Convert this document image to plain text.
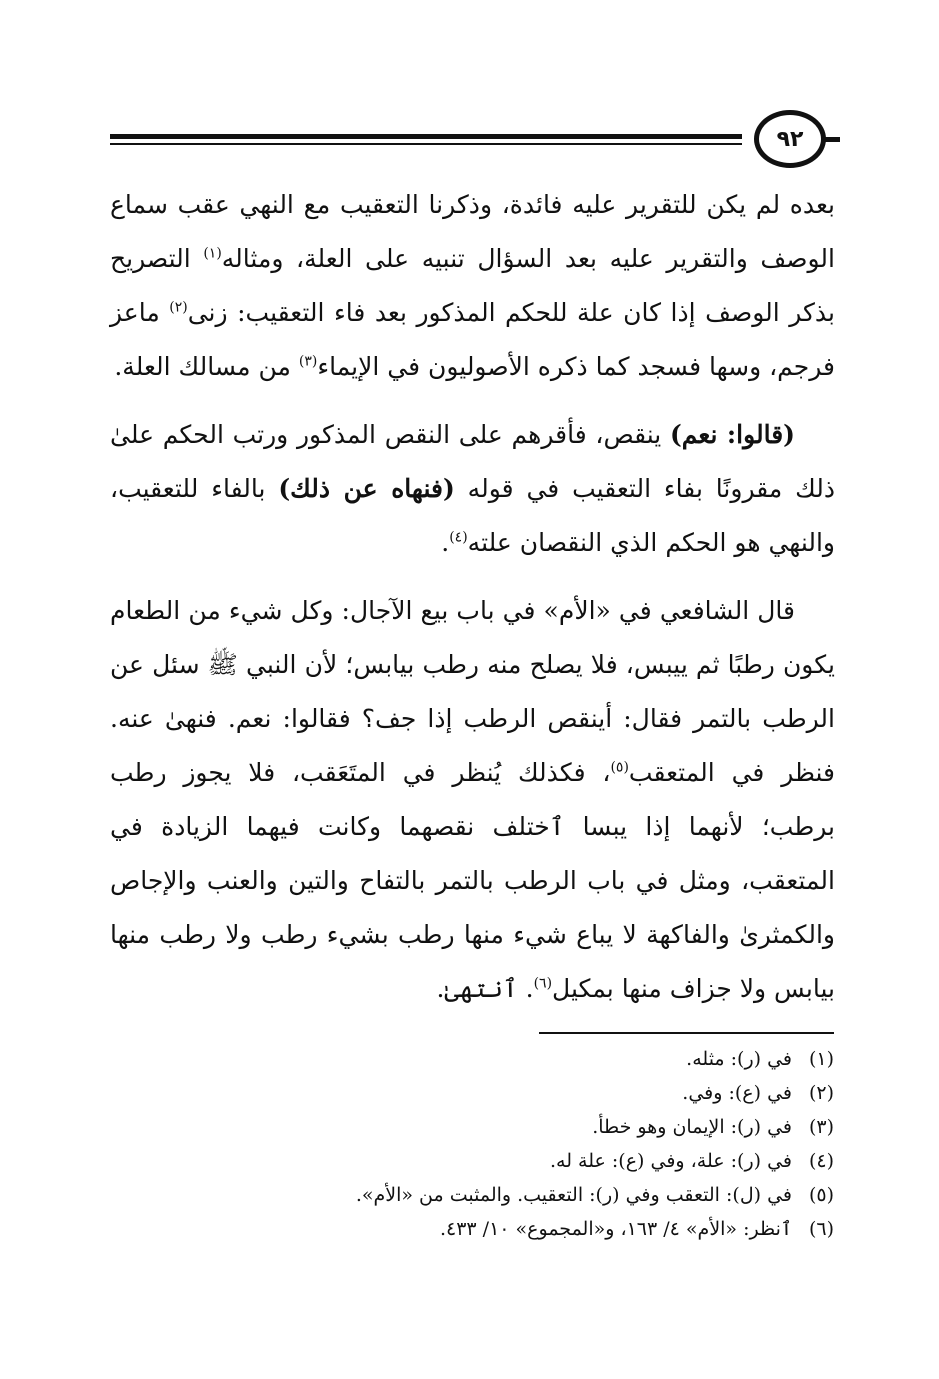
٩٢

بعده لم يكن للتقرير عليه فائدة، وذكرنا التعقيب مع النهي عقب سماع الوصف والتقرير عليه بعد السؤال تنبيه على العلة، ومثاله$^{(١)}$ التصريح بذكر الوصف إذا كان علة للحكم المذكور بعد فاء التعقيب: زنى$^{(٢)}$ ماعز فرجم، وسها فسجد كما ذكره الأصوليون في الإيماء$^{(٣)}$ من مسالك العلة.

(قالوا: نعم) ينقص، فأقرهم على النقص المذكور ورتب الحكم علىٰ ذلك مقرونًا بفاء التعقيب في قوله (فنهاه عن ذلك) بالفاء للتعقيب، والنهي هو الحكم الذي النقصان علته$^{(٤)}$.

قال الشافعي في «الأم» في باب بيع الآجال: وكل شيء من الطعام يكون رطبًا ثم ييبس، فلا يصلح منه رطب بيابس؛ لأن النبي ﷺ سئل عن الرطب بالتمر فقال: أينقص الرطب إذا جف؟ فقالوا: نعم. فنهىٰ عنه. فنظر في المتعقب$^{(٥)}$، فكذلك يُنظر في المتَعَقب، فلا يجوز رطب برطب؛ لأنهما إذا يبسا ٱختلف نقصهما وكانت فيهما الزيادة في المتعقب، ومثل في باب الرطب بالتمر بالتفاح والتين والعنب والإجاص والكمثرىٰ والفاكهة لا يباع شيء منها رطب بشيء رطب ولا رطب منها بيابس ولا جزاف منها بمكيل$^{(٦)}$. ٱنتهىٰ.

(١)في (ر): مثله.
(٢)في (ع): وفي.
(٣)في (ر): الإيمان وهو خطأ.
(٤)في (ر): علة، وفي (ع): علة له.
(٥)في (ل): التعقب وفي (ر): التعقيب. والمثبت من «الأم».
(٦)ٱنظر: «الأم» ٤/ ١٦٣، و«المجموع» ١٠/ ٤٣٣.
